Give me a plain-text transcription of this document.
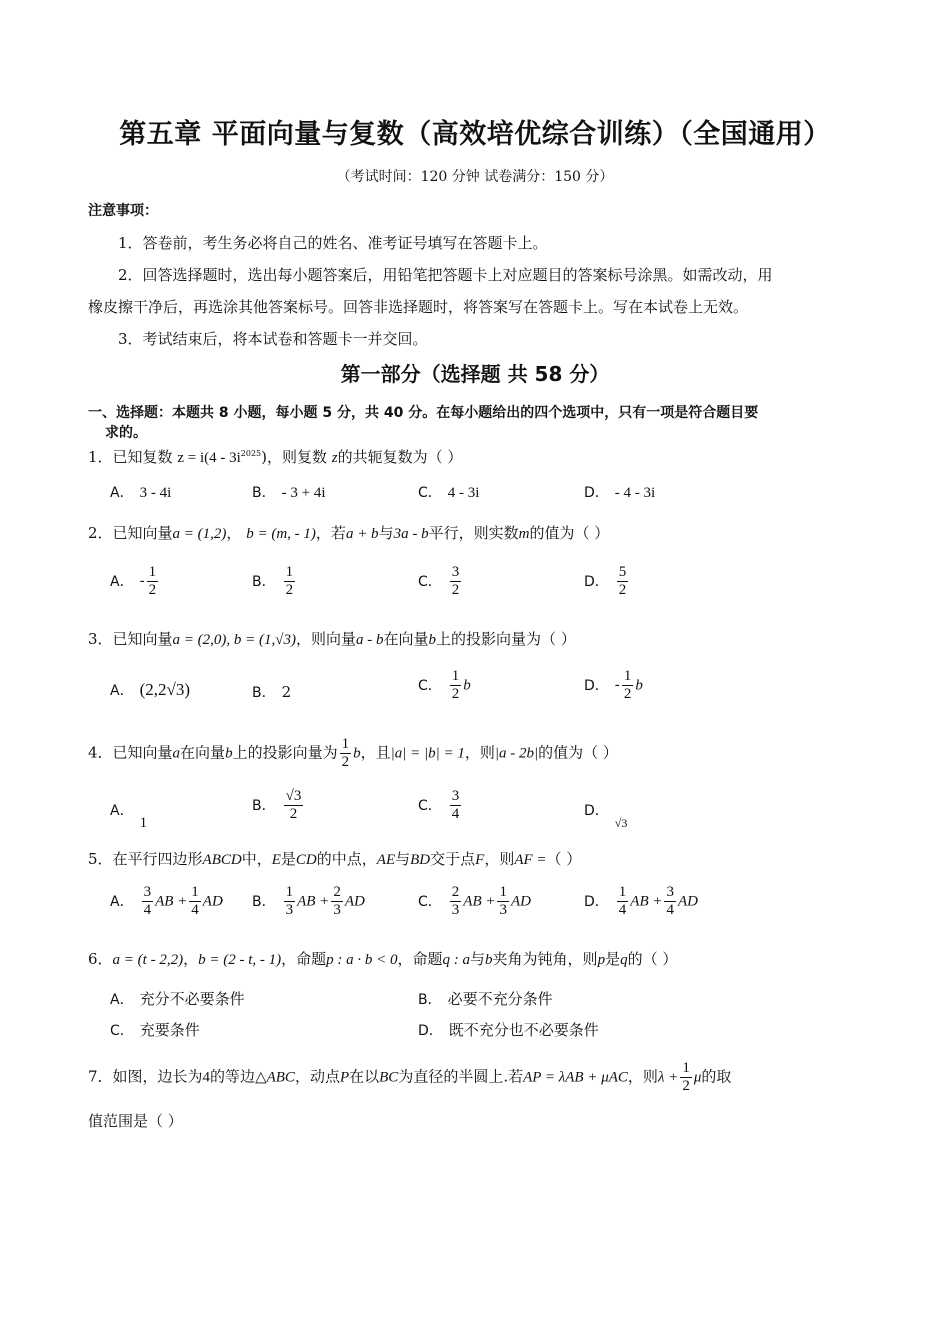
第五章 平面向量与复数（高效培优综合训练）（全国通用）
（考试时间：120 分钟 试卷满分：150 分）
注意事项：
1．答卷前，考生务必将自己的姓名、准考证号填写在答题卡上。
2．回答选择题时，选出每小题答案后，用铅笔把答题卡上对应题目的答案标号涂黑。如需改动，用
橡皮擦干净后，再选涂其他答案标号。回答非选择题时，将答案写在答题卡上。写在本试卷上无效。
3．考试结束后，将本试卷和答题卡一并交回。
第一部分（选择题 共 58 分）
一、选择题：本题共 8 小题，每小题 5 分，共 40 分。在每小题给出的四个选项中，只有一项是符合题目要
求的。
1．已知复数 $z = i(4 - 3i^{2025})$，则复数 z的共轭复数为（ ）
A． 3 - 4i	B． - 3 + 4i	C． 4 - 3i	D． - 4 - 3i
2．已知向量a = (1,2)， b = (m, - 1)，若a + b与3a - b平行，则实数m的值为（ ）
A． - $\frac{1}{2}$	B． $\frac{1}{2}$	C． $\frac{3}{2}$	D． $\frac{5}{2}$
3．已知向量a = (2,0), b = (1,√3)，则向量a - b在向量b上的投影向量为（ ）
A． (2,2√3)	B． 2	C． $\frac{1}{2}$ b	D． - $\frac{1}{2}$ b
4．已知向量a在向量b上的投影向量为 $\frac{1}{2}$ b，且|a| = |b| = 1，则|a - 2b|的值为（ ）
A．1
B． $\frac{√3}{2}$	C． $\frac{3}{4}$	D．$_{√3}$
5．在平行四边形ABCD中，E是CD的中点，AE与BD交于点F，则AF =（ ）
A． $\frac{3}{4}$ AB + $\frac{1}{4}$ AD B． $\frac{1}{3}$ AB + $\frac{2}{3}$ AD	C． $\frac{2}{3}$ AB + $\frac{1}{3}$ AD	D． $\frac{1}{4}$ AB + $\frac{3}{4}$ AD
6．a = (t - 2,2)，b = (2 - t, - 1)，命题p : a · b < 0，命题q : a与b夹角为钝角，则p是q的（ ）
A． 充分不必要条件	B． 必要不充分条件
C． 充要条件	D． 既不充分也不必要条件
7．如图，边长为4的等边△ABC，动点P在以BC为直径的半圆上.若AP = λAB + μAC，则$\lambda + \frac{1}{2}$ μ的取
值范围是（ ）
